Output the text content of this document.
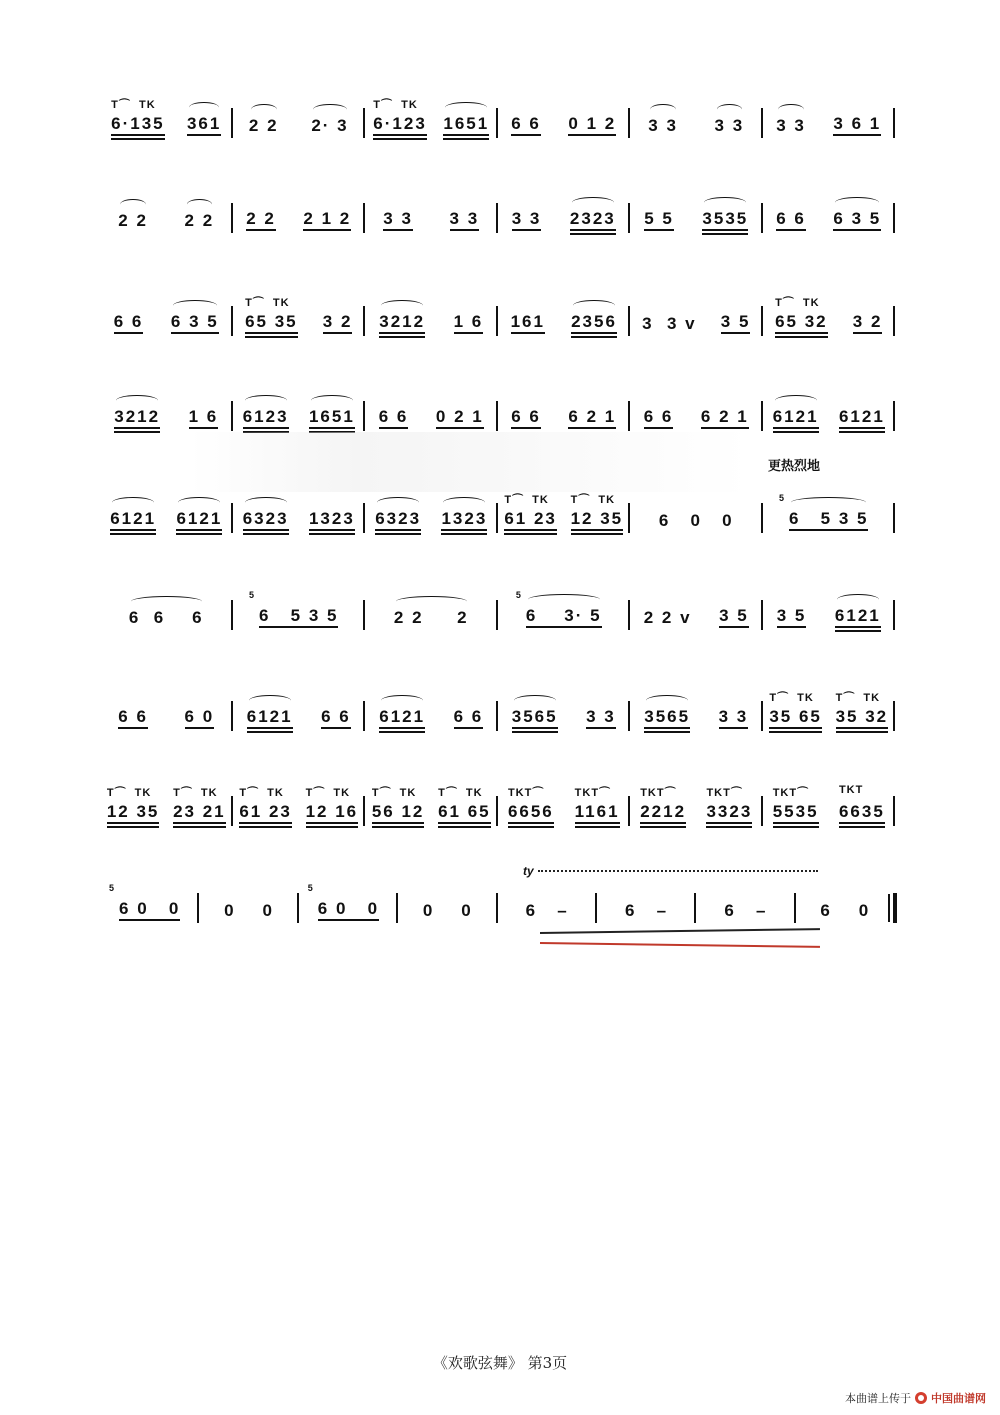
6·135
T⌒  TK
361 2 2 2· 3 6·123
T⌒  TK
1651 6 6 0 1 2 3 3 3 3 3 3 3 6 1
2 2 2 2 2 2 2 1 2 3 3 3 3 3 3 2323 5 5 3535 6 6 6 3 5
6 6 6 3 5 65 35
T⌒  TK
3 2 3212 1 6 161 2356 3  3 v 3 5 65 32
T⌒  TK
3 2
3212 1 6 6123 1651 6 6 0 2 1 6 6 6 2 1 6 6 6 2 1 6121 6121
6121 6121 6323 1323 6323 1323 61 23
T⌒  TK
12 35
T⌒  TK
6   0   0	6   5 3 5
5
6  6    6	6   5 3 5
5
2 2     2	6    3· 5
5
2 2 v 3 5 3 5 6121
6 6 6 0 6121 6 6 6121 6 6 3565 3 3 3565 3 3 35 65
T⌒  TK
35 32
T⌒  TK
12 35
T⌒  TK
23 21
T⌒  TK
61 23
T⌒  TK
12 16
T⌒  TK
56 12
T⌒  TK
61 65
T⌒  TK
6656
TKT⌒
1161
TKT⌒
2212
TKT⌒
3323
TKT⌒
5535
TKT⌒
6635
TKT
6 0   0
5
0    0	6 0   0
5
0    0	6   –	6   –	6   –	6    0
更热烈地
ty
《欢歌弦舞》 第3页
本曲谱上传于 中国曲谱网
